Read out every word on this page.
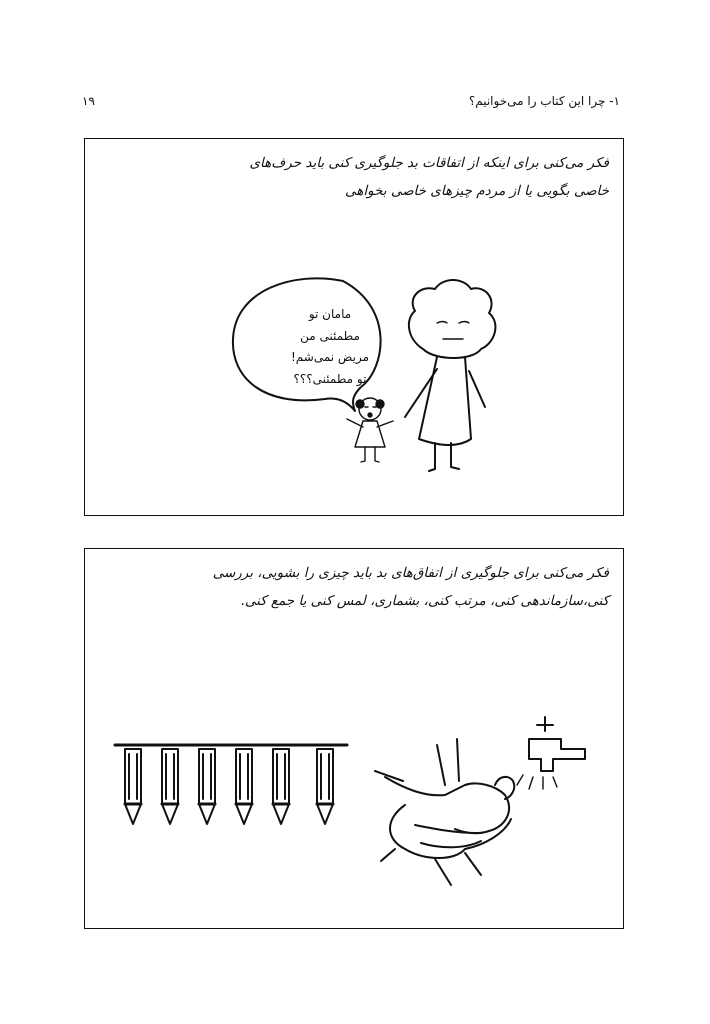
۱- چرا این کتاب را می‌خوانیم؟
۱۹
فکر می‌کنی برای اینکه از اتفاقات بد جلوگیری کنی باید حرف‌های
خاصی بگویی یا از مردم چیزهای خاصی بخواهی
مامان تو
مطمئنی من
مریض نمی‌شم!
تو مطمئنی؟؟؟
فکر می‌کنی برای جلوگیری از اتفاق‌های بد باید چیزی را بشویی، بررسی
کنی،سازماندهی کنی، مرتب کنی، بشماری، لمس کنی یا جمع کنی.
